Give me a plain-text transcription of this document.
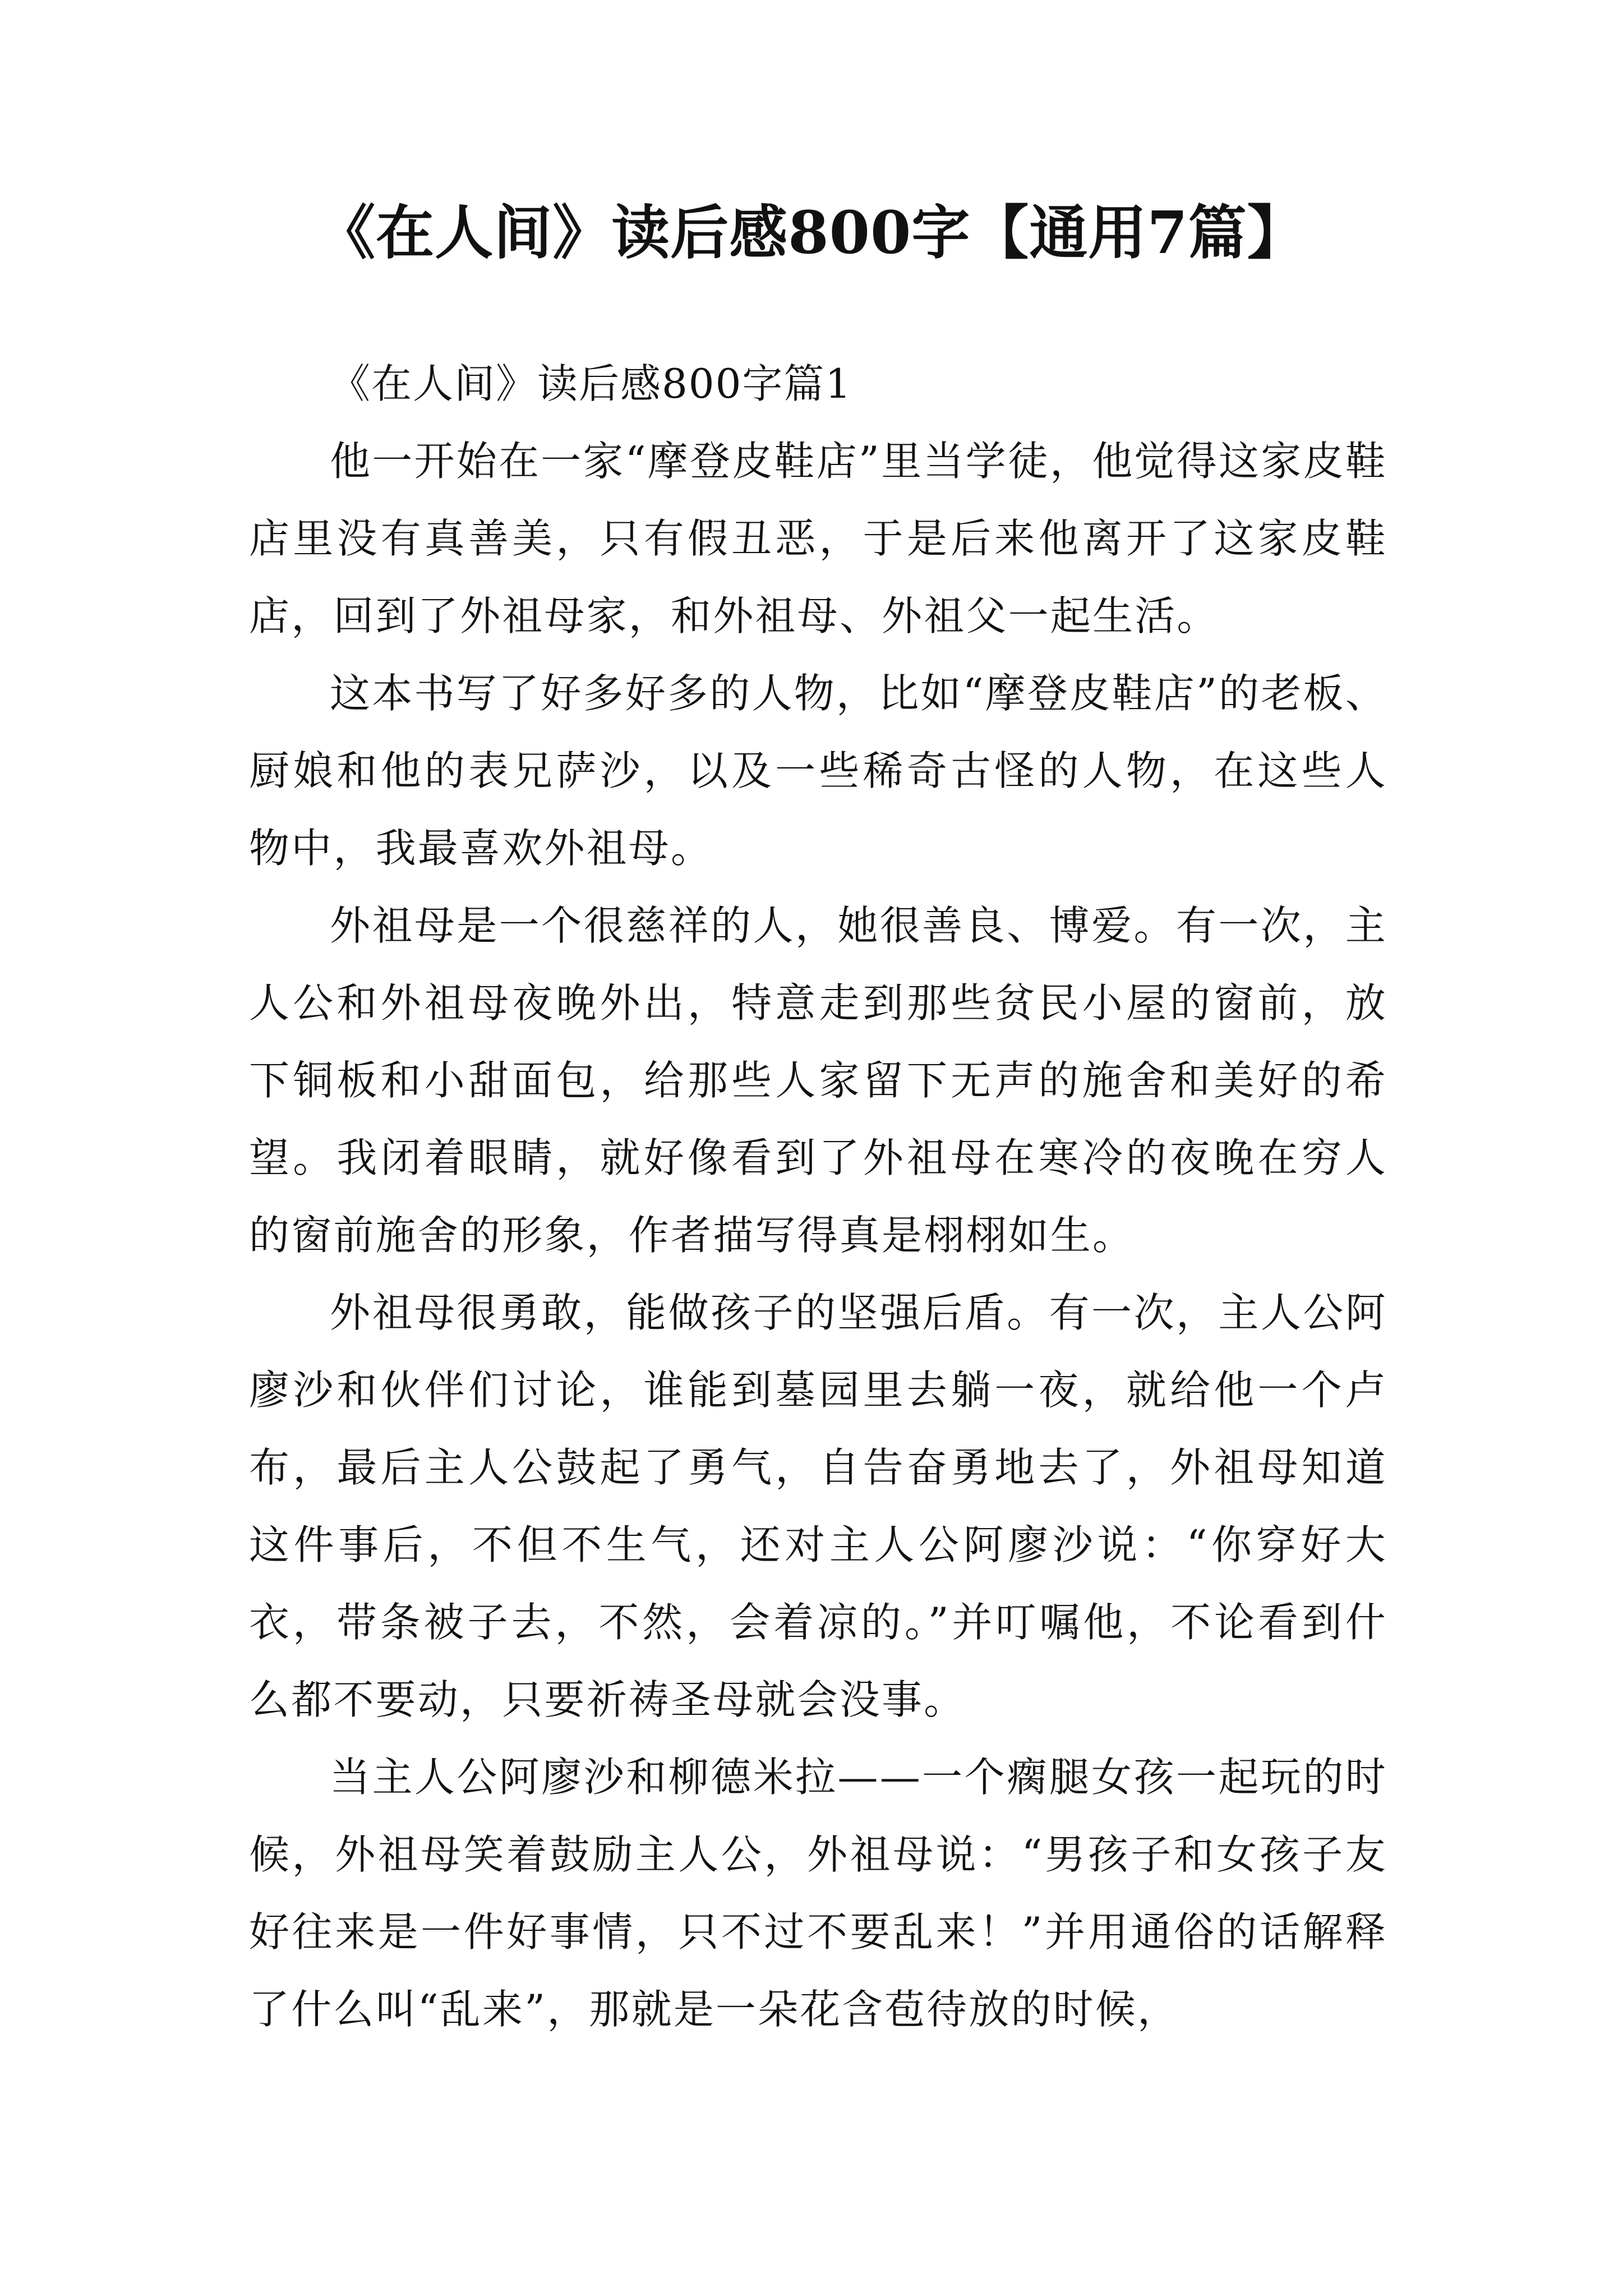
《在人间》读后感800字【通用7篇】

《在人间》读后感800字篇1

他一开始在一家“摩登皮鞋店”里当学徒，他觉得这家皮鞋店里没有真善美，只有假丑恶，于是后来他离开了这家皮鞋店，回到了外祖母家，和外祖母、外祖父一起生活。

这本书写了好多好多的人物，比如“摩登皮鞋店”的老板、厨娘和他的表兄萨沙，以及一些稀奇古怪的人物，在这些人物中，我最喜欢外祖母。

外祖母是一个很慈祥的人，她很善良、博爱。有一次，主人公和外祖母夜晚外出，特意走到那些贫民小屋的窗前，放下铜板和小甜面包，给那些人家留下无声的施舍和美好的希望。我闭着眼睛，就好像看到了外祖母在寒冷的夜晚在穷人的窗前施舍的形象，作者描写得真是栩栩如生。

外祖母很勇敢，能做孩子的坚强后盾。有一次，主人公阿廖沙和伙伴们讨论，谁能到墓园里去躺一夜，就给他一个卢布，最后主人公鼓起了勇气，自告奋勇地去了，外祖母知道这件事后，不但不生气，还对主人公阿廖沙说：“你穿好大衣，带条被子去，不然，会着凉的。”并叮嘱他，不论看到什么都不要动，只要祈祷圣母就会没事。

当主人公阿廖沙和柳德米拉——一个瘸腿女孩一起玩的时候，外祖母笑着鼓励主人公，外祖母说：“男孩子和女孩子友好往来是一件好事情，只不过不要乱来！”并用通俗的话解释了什么叫“乱来”，那就是一朵花含苞待放的时候，
